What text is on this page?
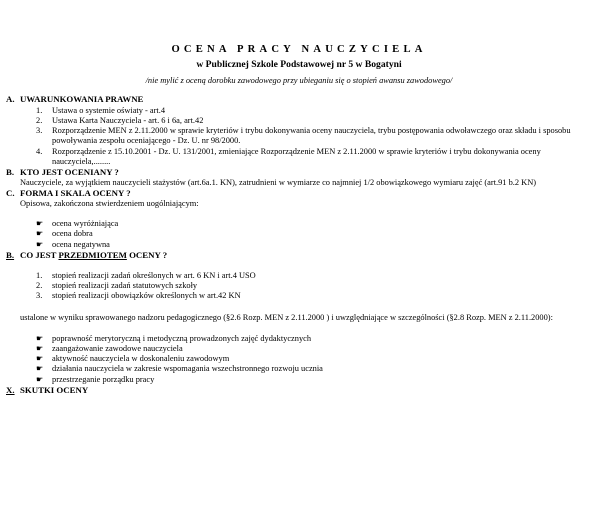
OCENA PRACY NAUCZYCIELA
w Publicznej Szkole Podstawowej nr 5 w Bogatyni
/nie mylić z oceną dorobku zawodowego przy ubieganiu się o stopień awansu zawodowego/
A. UWARUNKOWANIA PRAWNE
1.	Ustawa o systemie oświaty - art.4
2.	Ustawa Karta Nauczyciela - art. 6 i 6a, art.42
3.	Rozporządzenie MEN z 2.11.2000 w sprawie kryteriów i trybu dokonywania oceny nauczyciela, trybu postępowania odwoławczego oraz składu i sposobu powoływania zespołu oceniającego - Dz. U. nr 98/2000.
4.	Rozporządzenie z 15.10.2001 - Dz. U. 131/2001, zmieniające Rozporządzenie MEN z 2.11.2000 w sprawie kryteriów i trybu dokonywania oceny nauczyciela,........
B. KTO JEST OCENIANY ?
Nauczyciele, za wyjątkiem nauczycieli stażystów (art.6a.1. KN), zatrudnieni w wymiarze co najmniej 1/2 obowiązkowego wymiaru zajęć (art.91 b.2 KN)
C. FORMA I SKALA OCENY ?
Opisowa, zakończona stwierdzeniem uogólniającym:
☛	ocena wyróżniająca
☛	ocena dobra
☛	ocena negatywna
B. CO JEST PRZEDMIOTEM OCENY ?
1.	stopień realizacji zadań określonych w art. 6 KN i art.4 USO
2.	stopień realizacji zadań statutowych szkoły
3.	stopień realizacji obowiązków określonych w art.42 KN
ustalone w wyniku sprawowanego nadzoru pedagogicznego (§2.6 Rozp. MEN z 2.11.2000 ) i uwzględniające w szczególności (§2.8 Rozp. MEN z 2.11.2000):
☛	poprawność merytoryczną i metodyczną prowadzonych zajęć dydaktycznych
☛	zaangażowanie zawodowe nauczyciela
☛	aktywność nauczyciela w doskonaleniu zawodowym
☛	działania nauczyciela w zakresie wspomagania wszechstronnego rozwoju ucznia
☛	przestrzeganie porządku pracy
X. SKUTKI OCENY
